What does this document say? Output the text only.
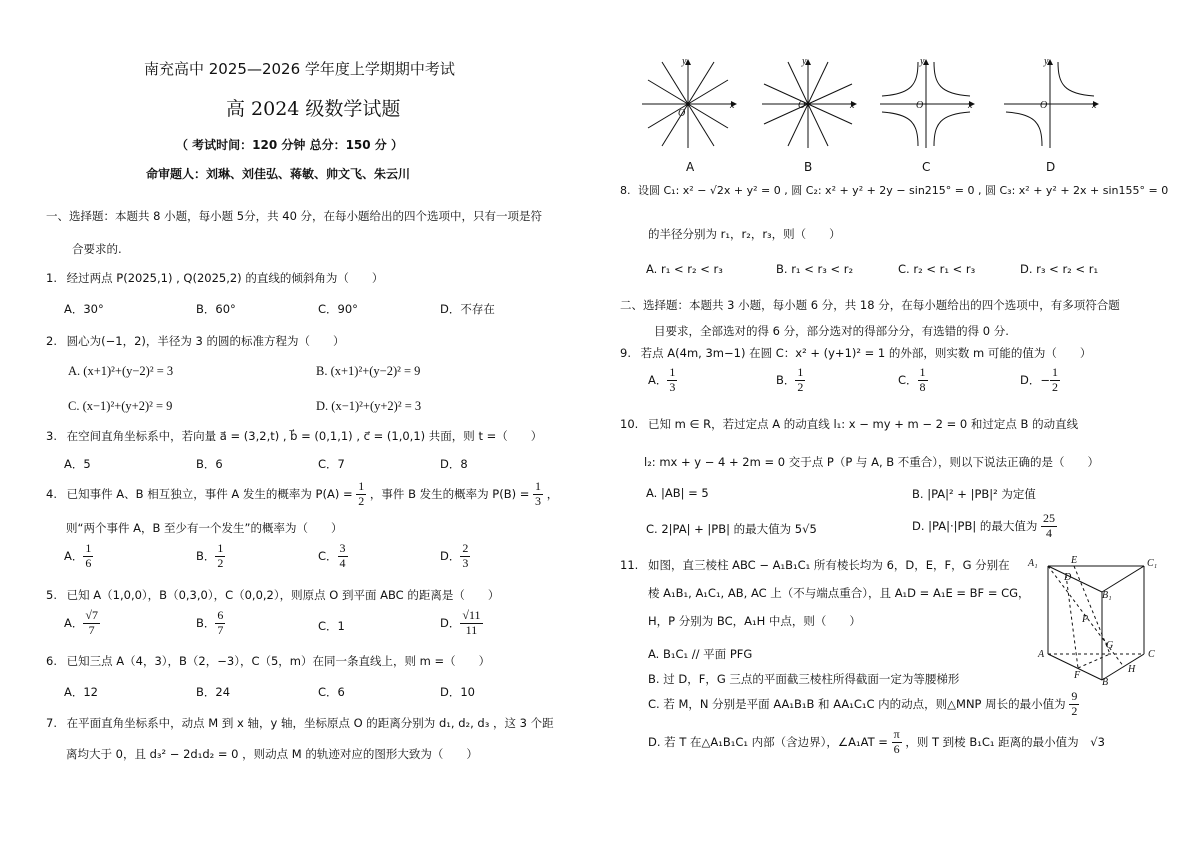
南充高中 2025—2026 学年度上学期期中考试
高 2024 级数学试题
（ 考试时间：120 分钟 总分：150 分 ）
命审题人：刘琳、刘佳弘、蒋敏、帅文飞、朱云川
一、选择题：本题共 8 小题，每小题 5分，共 40 分，在每小题给出的四个选项中，只有一项是符
合要求的.
1. 经过两点 P(2025,1) , Q(2025,2) 的直线的倾斜角为（　　）
A．30°	B．60°	C．90°	D．不存在
2. 圆心为(−1，2)，半径为 3 的圆的标准方程为（　　）
A. (x+1)²+(y−2)² = 3	B. (x+1)²+(y−2)² = 9
C. (x−1)²+(y+2)² = 9	D. (x−1)²+(y+2)² = 3
3. 在空间直角坐标系中，若向量 a⃗ = (3,2,t) , b⃗ = (0,1,1) , c⃗ = (1,0,1) 共面，则 t =（　　）
A．5	B．6	C．7	D．8
4. 已知事件 A、B 相互独立，事件 A 发生的概率为 $P(A) = \frac{1}{2}$ ，事件 B 发生的概率为 $P(B) = \frac{1}{3}$ ，
则“两个事件 A，B 至少有一个发生”的概率为（　　）
A． $\frac{1}{6}$	B． $\frac{1}{2}$	C． $\frac{3}{4}$	D． $\frac{2}{3}$
5. 已知 A（1,0,0），B（0,3,0），C（0,0,2），则原点 O 到平面 ABC 的距离是（　　）
A． $\frac{√7}{7}$	B． $\frac{6}{7}$	C．1	D． $\frac{√11}{11}$
6. 已知三点 A（4，3），B（2，−3），C（5，m）在同一条直线上，则 m =（　　）
A．12	B．24	C．6	D．10
7. 在平面直角坐标系中，动点 M 到 x 轴，y 轴，坐标原点 O 的距离分别为 d₁, d₂, d₃ ，这 3 个距
离均大于 0，且 d₃² − 2d₁d₂ = 0 ，则动点 M 的轨迹对应的图形大致为（　　）
y
x
O
y
x
O
y
x
O
y
x
O
A	B	C	D
8. 设圆 C₁: x² − √2x + y² = 0 , 圆 C₂: x² + y² + 2y − sin215° = 0 , 圆 C₃: x² + y² + 2x + sin155° = 0
的半径分别为 r₁，r₂，r₃，则（　　）
A. r₁ < r₂ < r₃	B. r₁ < r₃ < r₂	C. r₂ < r₁ < r₃	D. r₃ < r₂ < r₁
二、选择题：本题共 3 小题，每小题 6 分，共 18 分，在每小题给出的四个选项中，有多项符合题
目要求，全部选对的得 6 分，部分选对的得部分分，有选错的得 0 分.
9. 若点 A(4m, 3m−1) 在圆 C：x² + (y+1)² = 1 的外部，则实数 m 可能的值为（　　）
A． $\frac{1}{3}$	B． $\frac{1}{2}$	C． $\frac{1}{8}$	D．− $\frac{1}{2}$
10. 已知 m ∈ R，若过定点 A 的动直线 l₁: x − my + m − 2 = 0 和过定点 B 的动直线
l₂: mx + y − 4 + 2m = 0 交于点 P（P 与 A, B 不重合），则以下说法正确的是（　　）
A. |AB| = 5	B. |PA|² + |PB|² 为定值
C. 2|PA| + |PB| 的最大值为 5√5	D. |PA|·|PB| 的最大值为 $\frac{25}{4}$
11. 如图，直三棱柱 ABC − A₁B₁C₁ 所有棱长均为 6，D，E，F，G 分别在
棱 A₁B₁, A₁C₁, AB, AC 上（不与端点重合），且 A₁D = A₁E = BF = CG，
H，P 分别为 BC，A₁H 中点，则（　　）
A. B₁C₁ // 平面 PFG
B. 过 D，F，G 三点的平面截三棱柱所得截面一定为等腰梯形
C. 若 M，N 分别是平面 AA₁B₁B 和 AA₁C₁C 内的动点，则△MNP 周长的最小值为 $\frac{9}{2}$
D. 若 T 在△A₁B₁C₁ 内部（含边界），∠A₁AT = $\frac{\pi}{6}$ ，则 T 到棱 B₁C₁ 距离的最小值为 √3
A₁	E	C₁
D
B₁
P
G
C
A
H
F
B
